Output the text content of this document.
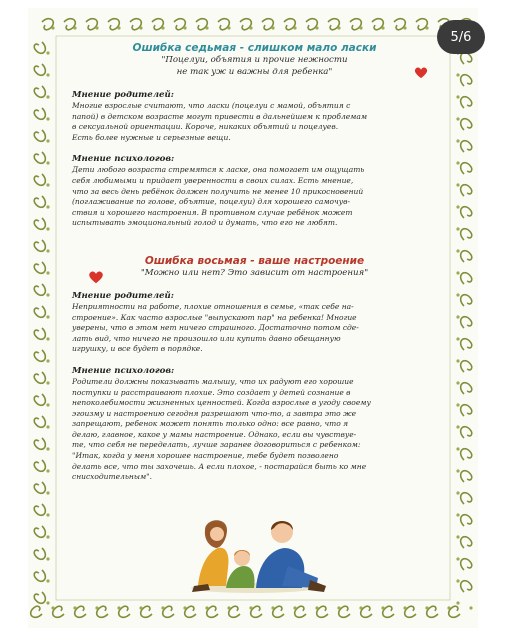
Ошибка седьмая - слишком мало ласки

"Поцелуи, объятия и прочие нежности

не так уж и важны для ребенка"

Мнение родителей:

Многие взрослые считают, что ласки (поцелуи с мамой, объятия с

папой) в детском возрасте могут привести в дальнейшем к проблемам

в сексуальной ориентации. Короче, никаких объятий и поцелуев.

Есть более нужные и серьезные вещи.

Мнение психологов:

Дети любого возраста стремятся к ласке, она помогает им ощущать

себя любимыми и придает уверенности в своих силах. Есть мнение,

что за весь день ребёнок должен получить не менее 10 прикосновений

(поглаживание по голове, объятие, поцелуи) для хорошего самочув-

ствия и хорошего настроения. В противном случае ребёнок может

испытывать эмоциональный голод и думать, что его не любят.

Ошибка восьмая - ваше настроение

"Можно или нет? Это зависит от настроения"

Мнение родителей:

Неприятности на работе, плохие отношения в семье, «так себе на-

строение». Как часто взрослые "выпускают пар" на ребенка! Многие

уверены, что в этом нет ничего страшного. Достаточно потом сде-

лать вид, что ничего не произошло или купить давно обещанную

игрушку, и все будет в порядке.

Мнение психологов:

Родители должны показывать малышу, что их радуют его хорошие

поступки и расстраивают плохие. Это создает у детей сознание в

непоколебимости жизненных ценностей. Когда взрослые в угоду своему

эгоизму и настроению сегодня разрешают что-то, а завтра это же

запрещают, ребенок может понять только одно: все равно, что я

делаю, главное, какое у мамы настроение. Однако, если вы чувствуе-

те, что себя не переделать, лучше заранее договориться с ребенком:

"Итак, когда у меня хорошее настроение, тебе будет позволено

делать все, что ты захочешь. А если плохое, - постарайся быть ко мне

снисходительным".

5/6
